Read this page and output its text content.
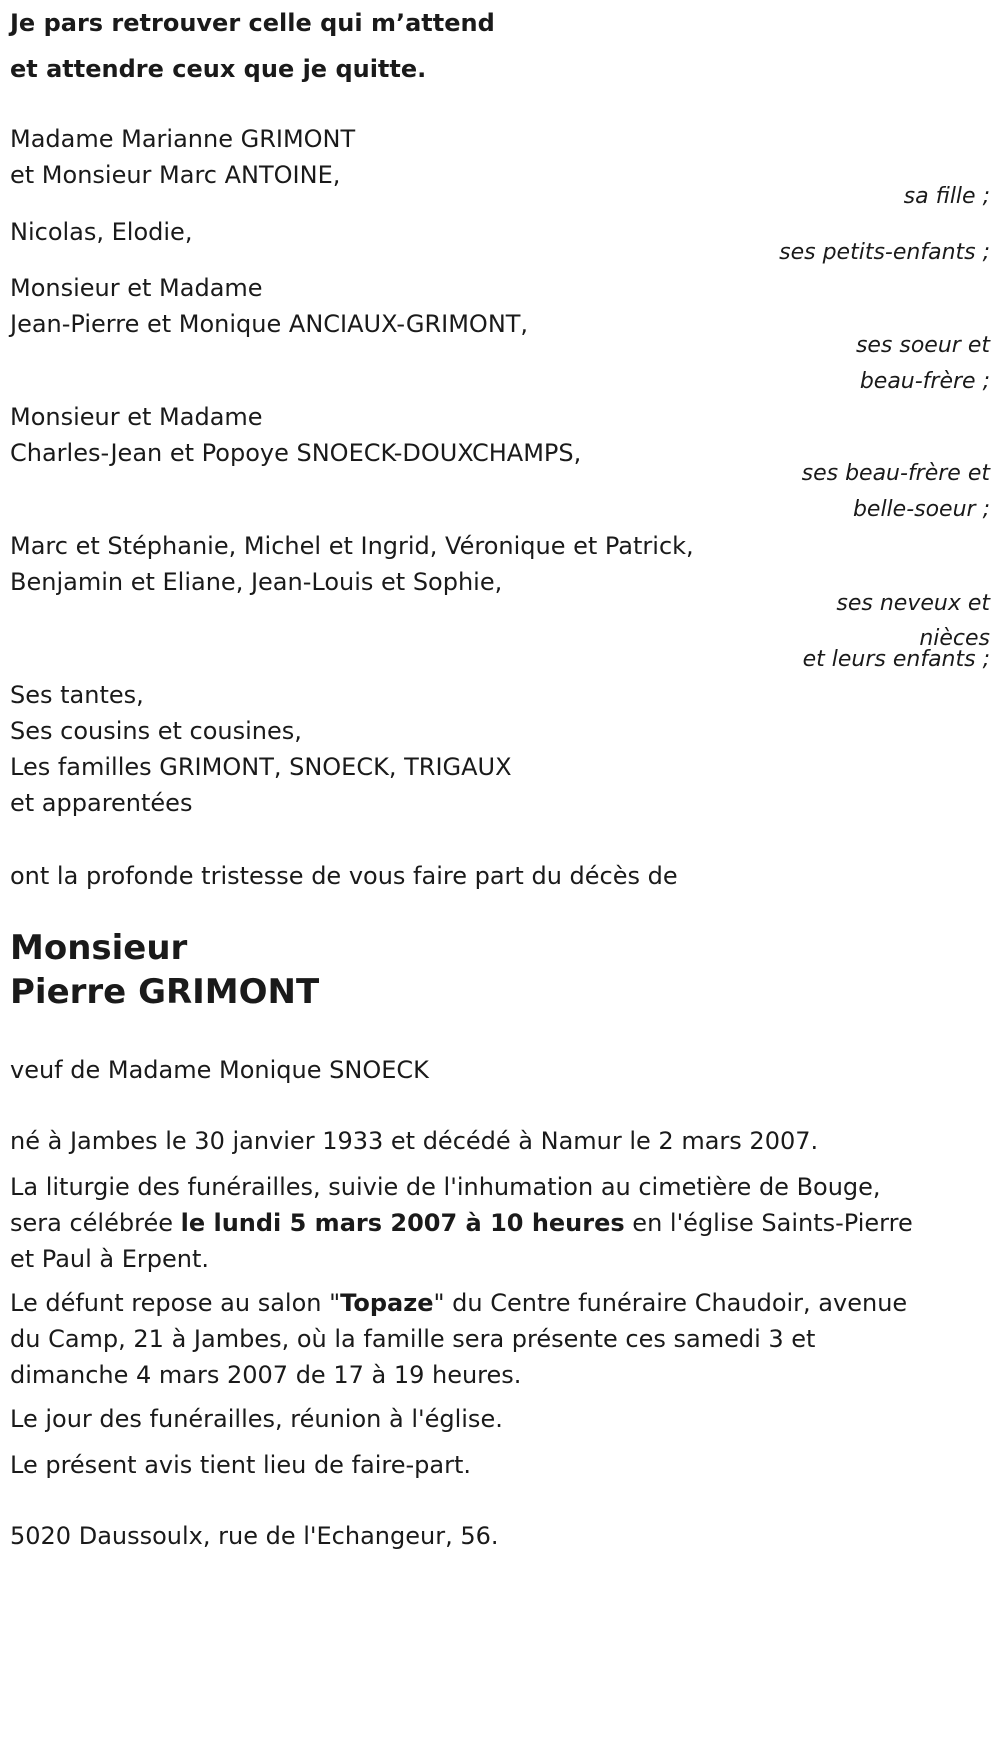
Je pars retrouver celle qui m’attend
et attendre ceux que je quitte.
Madame Marianne GRIMONT
et Monsieur Marc ANTOINE,
sa fille ;
Nicolas, Elodie,
ses petits-enfants ;
Monsieur et Madame
Jean-Pierre et Monique ANCIAUX-GRIMONT,
ses soeur et
beau-frère ;
Monsieur et Madame
Charles-Jean et Popoye SNOECK-DOUXCHAMPS,
ses beau-frère et
belle-soeur ;
Marc et Stéphanie, Michel et Ingrid, Véronique et Patrick,
Benjamin et Eliane, Jean-Louis et Sophie,
ses neveux et
nièces
et leurs enfants ;
Ses tantes,
Ses cousins et cousines,
Les familles GRIMONT, SNOECK, TRIGAUX
et apparentées
ont la profonde tristesse de vous faire part du décès de
Monsieur
Pierre GRIMONT
veuf de Madame Monique SNOECK
né à Jambes le 30 janvier 1933 et décédé à Namur le 2 mars 2007.
La liturgie des funérailles, suivie de l'inhumation au cimetière de Bouge,
sera célébrée le lundi 5 mars 2007 à 10 heures en l'église Saints-Pierre
et Paul à Erpent.
Le défunt repose au salon "Topaze" du Centre funéraire Chaudoir, avenue
du Camp, 21 à Jambes, où la famille sera présente ces samedi 3 et
dimanche 4 mars 2007 de 17 à 19 heures.
Le jour des funérailles, réunion à l'église.
Le présent avis tient lieu de faire-part.
5020 Daussoulx, rue de l'Echangeur, 56.
